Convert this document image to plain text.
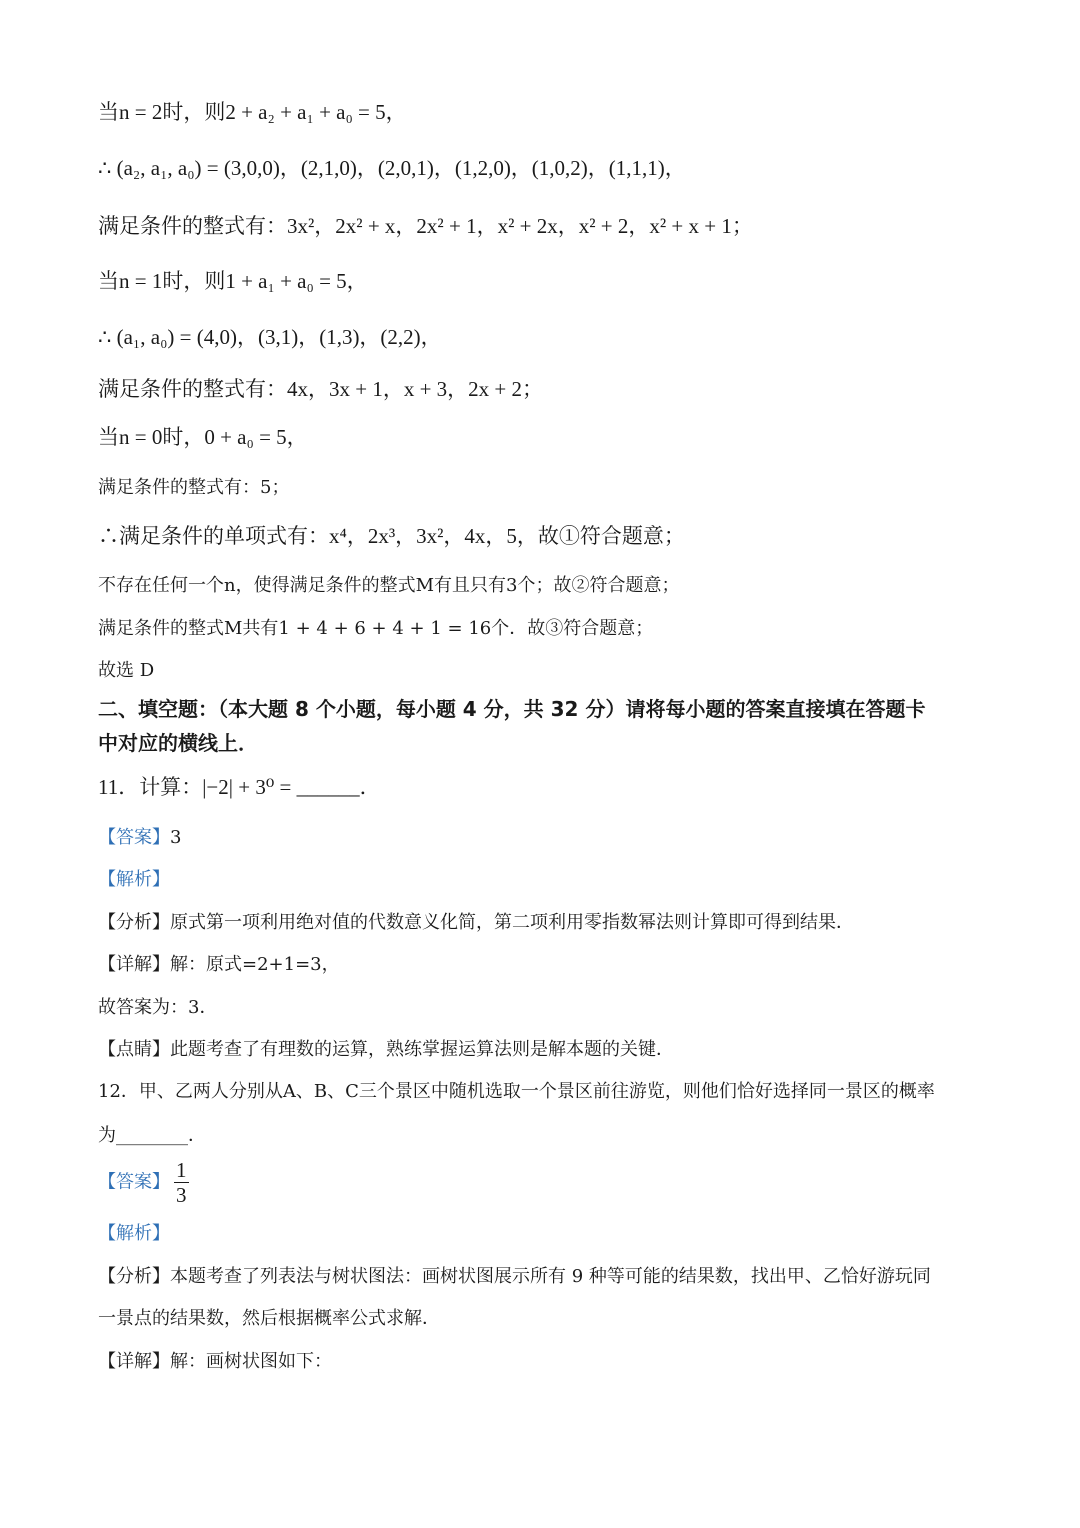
当n = 2时，则2 + a₂ + a₁ + a₀ = 5，
∴ (a₂, a₁, a₀) = (3,0,0)，(2,1,0)，(2,0,1)，(1,2,0)，(1,0,2)，(1,1,1)，
满足条件的整式有：3x²，2x² + x，2x² + 1，x² + 2x，x² + 2，x² + x + 1；
当n = 1时，则1 + a₁ + a₀ = 5，
∴ (a₁, a₀) = (4,0)，(3,1)，(1,3)，(2,2)，
满足条件的整式有：4x，3x + 1，x + 3，2x + 2；
当n = 0时，0 + a₀ = 5，
满足条件的整式有：5；
∴满足条件的单项式有：x⁴，2x³，3x²，4x，5，故①符合题意；
不存在任何一个n，使得满足条件的整式M有且只有3个；故②符合题意；
满足条件的整式M共有1 + 4 + 6 + 4 + 1 = 16个．故③符合题意；
故选 D
二、填空题：（本大题 8 个小题，每小题 4 分，共 32 分）请将每小题的答案直接填在答题卡
中对应的横线上．
11．计算：|−2| + 3⁰ = ______．
【答案】3
【解析】
【分析】原式第一项利用绝对值的代数意义化简，第二项利用零指数幂法则计算即可得到结果．
【详解】解：原式=2+1=3，
故答案为：3．
【点睛】此题考查了有理数的运算，熟练掌握运算法则是解本题的关键．
12．甲、乙两人分别从A、B、C三个景区中随机选取一个景区前往游览，则他们恰好选择同一景区的概率
为________．
【答案】 $\frac{1}{3}$
【解析】
【分析】本题考查了列表法与树状图法：画树状图展示所有 9 种等可能的结果数，找出甲、乙恰好游玩同
一景点的结果数，然后根据概率公式求解．
【详解】解：画树状图如下：
